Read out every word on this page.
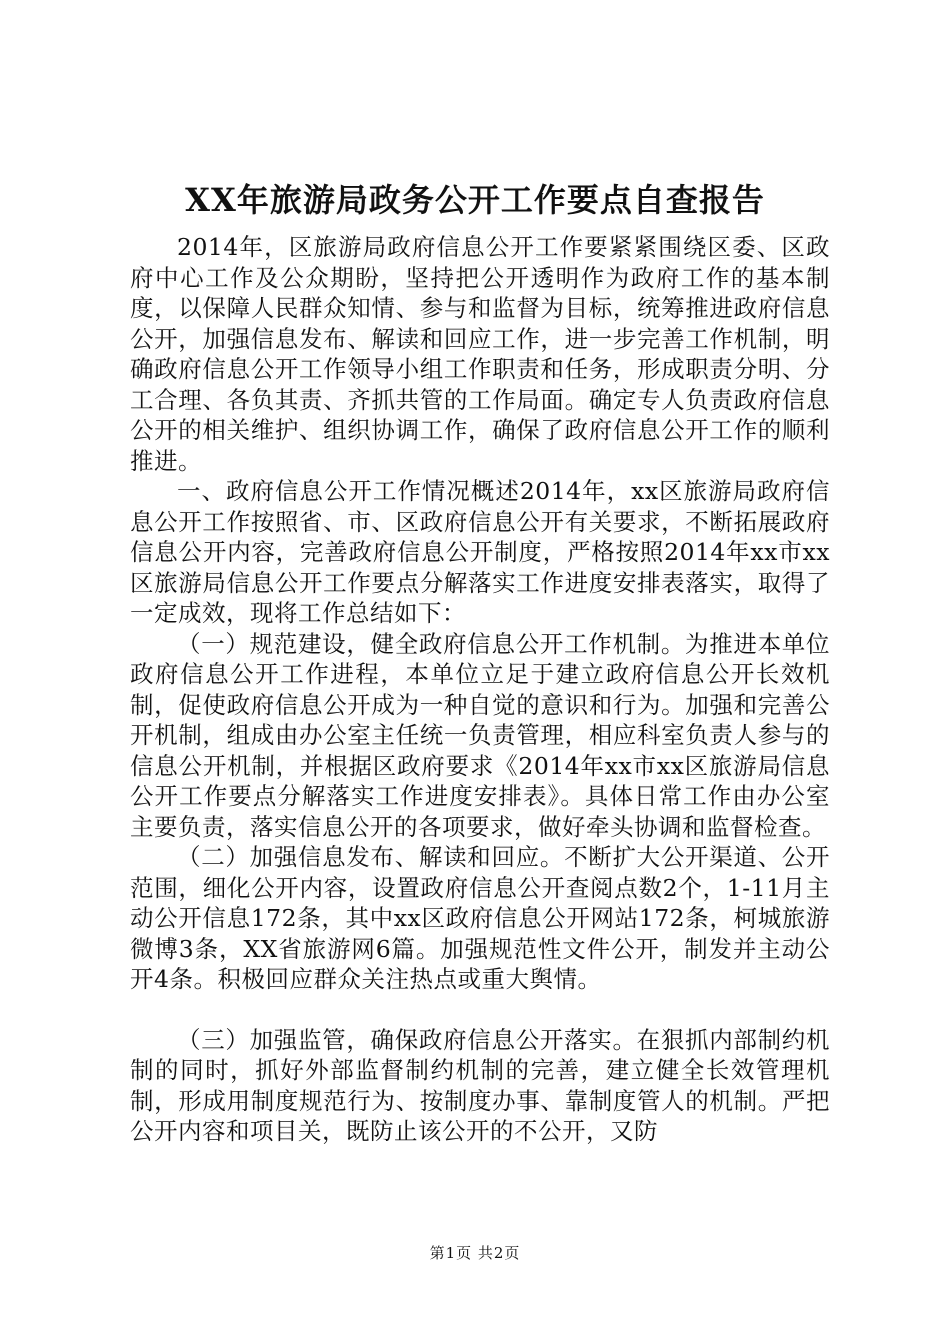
XX年旅游局政务公开工作要点自查报告

2014年，区旅游局政府信息公开工作要紧紧围绕区委、区政府中心工作及公众期盼，坚持把公开透明作为政府工作的基本制度，以保障人民群众知情、参与和监督为目标，统筹推进政府信息公开，加强信息发布、解读和回应工作，进一步完善工作机制，明确政府信息公开工作领导小组工作职责和任务，形成职责分明、分工合理、各负其责、齐抓共管的工作局面。确定专人负责政府信息公开的相关维护、组织协调工作，确保了政府信息公开工作的顺利推进。

一、政府信息公开工作情况概述2014年，xx区旅游局政府信息公开工作按照省、市、区政府信息公开有关要求，不断拓展政府信息公开内容，完善政府信息公开制度，严格按照2014年xx市xx区旅游局信息公开工作要点分解落实工作进度安排表落实，取得了一定成效，现将工作总结如下：

（一）规范建设，健全政府信息公开工作机制。为推进本单位政府信息公开工作进程，本单位立足于建立政府信息公开长效机制，促使政府信息公开成为一种自觉的意识和行为。加强和完善公开机制，组成由办公室主任统一负责管理，相应科室负责人参与的信息公开机制，并根据区政府要求《2014年xx市xx区旅游局信息公开工作要点分解落实工作进度安排表》。具体日常工作由办公室主要负责，落实信息公开的各项要求，做好牵头协调和监督检查。

（二）加强信息发布、解读和回应。不断扩大公开渠道、公开范围，细化公开内容，设置政府信息公开查阅点数2个，1-11月主动公开信息172条，其中xx区政府信息公开网站172条，柯城旅游微博3条，XX省旅游网6篇。加强规范性文件公开，制发并主动公开4条。积极回应群众关注热点或重大舆情。

（三）加强监管，确保政府信息公开落实。在狠抓内部制约机制的同时，抓好外部监督制约机制的完善，建立健全长效管理机制，形成用制度规范行为、按制度办事、靠制度管人的机制。严把公开内容和项目关，既防止该公开的不公开，又防

第1页 共2页
